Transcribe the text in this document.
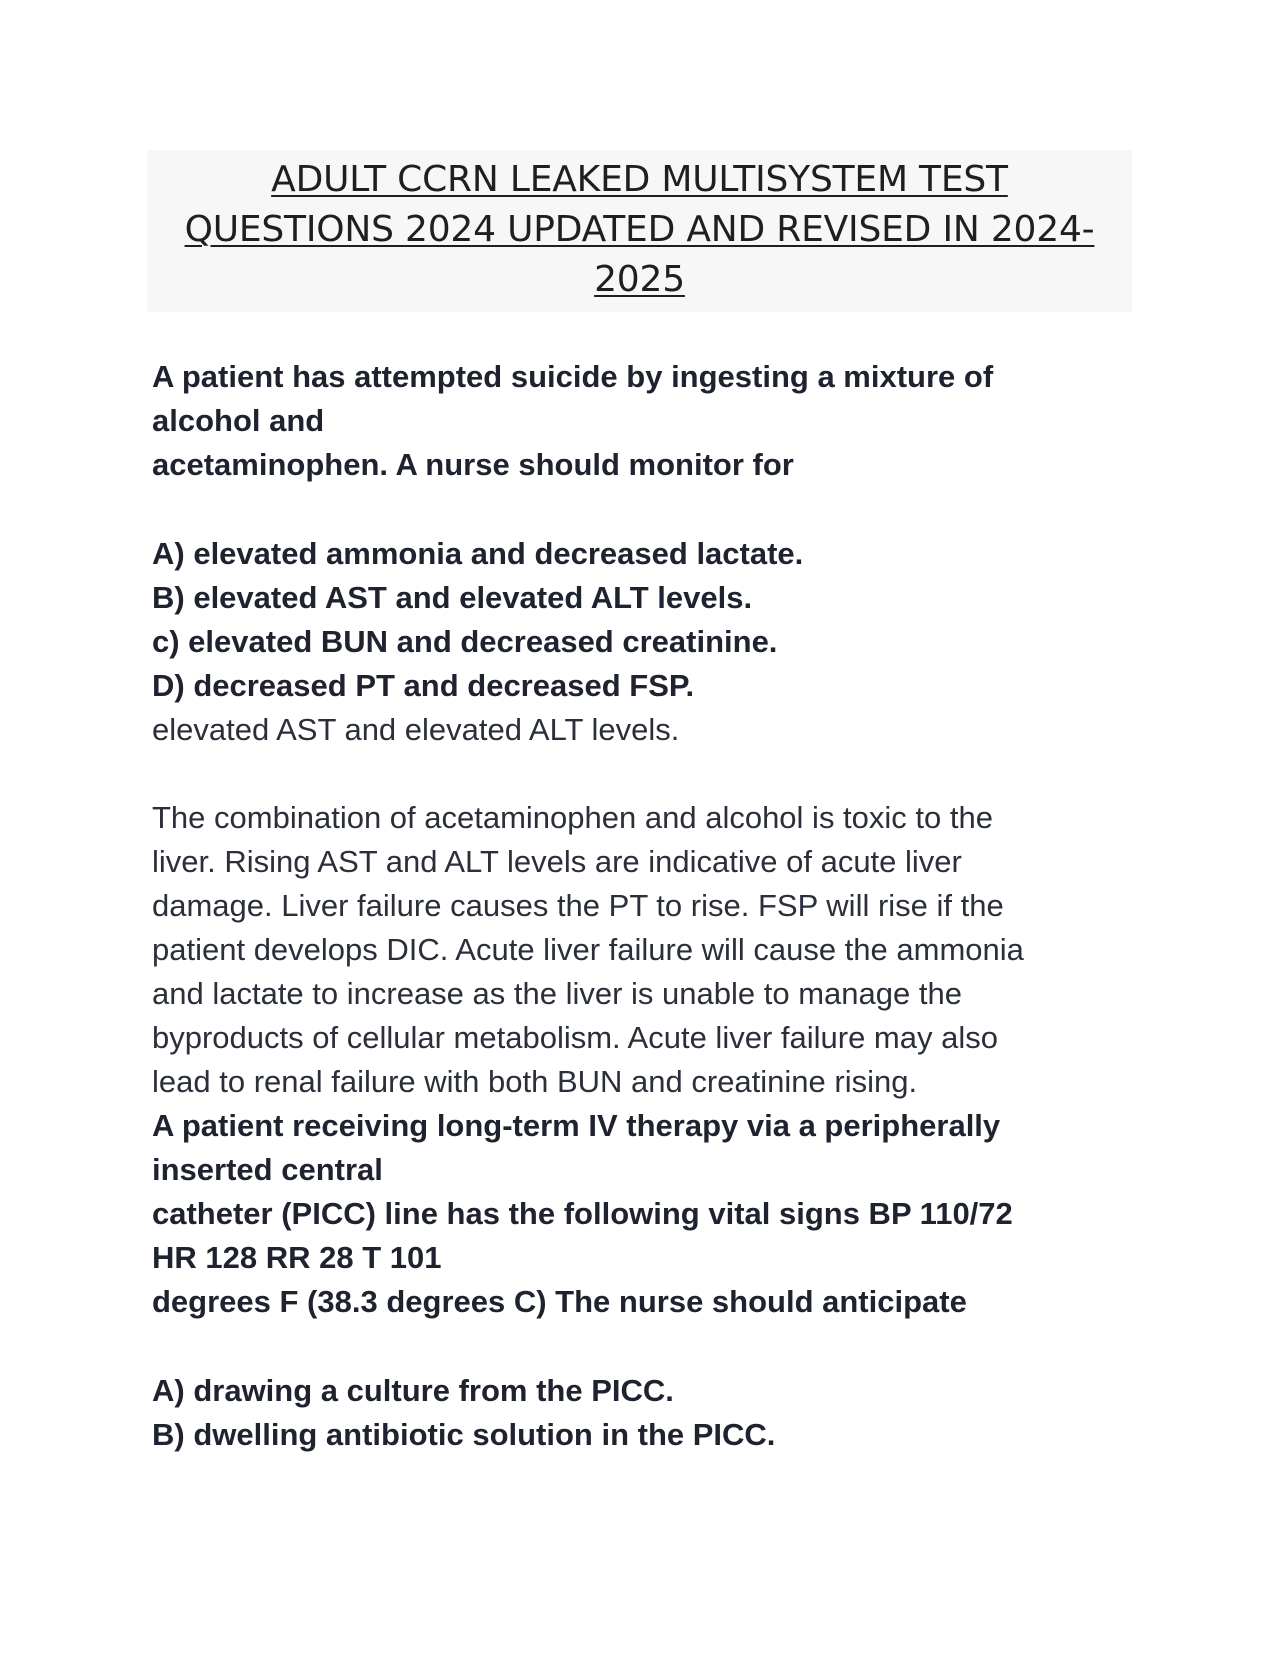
ADULT CCRN LEAKED MULTISYSTEM TEST
QUESTIONS 2024 UPDATED AND REVISED IN 2024-
2025
A patient has attempted suicide by ingesting a mixture of
alcohol and
acetaminophen. A nurse should monitor for
A) elevated ammonia and decreased lactate.
B) elevated AST and elevated ALT levels.
c) elevated BUN and decreased creatinine.
D) decreased PT and decreased FSP.
elevated AST and elevated ALT levels.
The combination of acetaminophen and alcohol is toxic to the
liver. Rising AST and ALT levels are indicative of acute liver
damage. Liver failure causes the PT to rise. FSP will rise if the
patient develops DIC. Acute liver failure will cause the ammonia
and lactate to increase as the liver is unable to manage the
byproducts of cellular metabolism. Acute liver failure may also
lead to renal failure with both BUN and creatinine rising.
A patient receiving long-term IV therapy via a peripherally
inserted central
catheter (PICC) line has the following vital signs BP 110/72
HR 128 RR 28 T 101
degrees F (38.3 degrees C) The nurse should anticipate
A) drawing a culture from the PICC.
B) dwelling antibiotic solution in the PICC.
